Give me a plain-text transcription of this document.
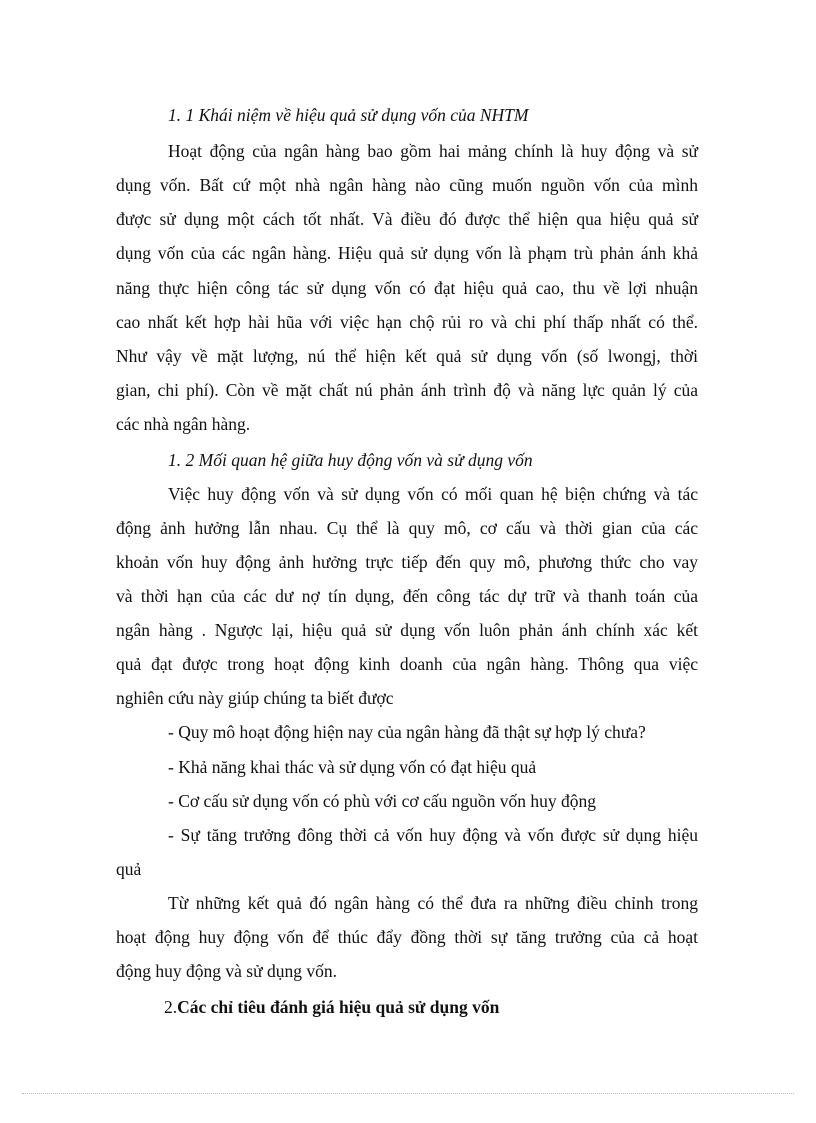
1. 1 Khái niệm về hiệu quả sử dụng vốn của NHTM
Hoạt động của ngân hàng bao gồm hai mảng chính là huy động và sử
dụng vốn. Bất cứ một nhà ngân hàng nào cũng muốn nguồn vốn của mình
được sử dụng một cách tốt nhất. Và điều đó được thể hiện qua hiệu quả sử
dụng vốn của các ngân hàng. Hiệu quả sử dụng vốn là phạm trù phản ánh khả
năng thực hiện công tác sử dụng vốn có đạt hiệu quả cao, thu về lợi nhuận
cao nhất kết hợp hài hũa với việc hạn chộ rủi ro và chi phí thấp nhất có thể.
Như vậy về mặt lượng, nú thể hiện kết quả sử dụng vốn (số lwongj, thời
gian, chi phí). Còn về mặt chất nú phản ánh trình độ và năng lực quản lý của
các nhà ngân hàng.
1. 2 Mối quan hệ giữa huy động vốn và sử dụng vốn
Việc huy động vốn và sử dụng vốn có mối quan hệ biện chứng và tác
động ảnh hưởng lẫn nhau. Cụ thể là quy mô, cơ cấu và thời gian của các
khoản vốn huy động ảnh hưởng trực tiếp đến quy mô, phương thức cho vay
và thời hạn của các dư nợ tín dụng, đến công tác dự trữ và thanh toán của
ngân hàng . Ngược lại, hiệu quả sử dụng vốn luôn phản ánh chính xác kết
quả đạt được trong hoạt động kinh doanh của ngân hàng. Thông qua việc
nghiên cứu này giúp chúng ta biết được
- Quy mô hoạt động hiện nay của ngân hàng đã thật sự hợp lý chưa?
- Khả năng khai thác và sử dụng vốn có đạt hiệu quả
- Cơ cấu sử dụng vốn có phù với cơ cấu nguồn vốn huy động
- Sự tăng trưởng đông thời cả vốn huy động và vốn được sử dụng hiệu
quả
Từ những kết quả đó ngân hàng có thể đưa ra những điều chỉnh trong
hoạt động huy động vốn để thúc đẩy đồng thời sự tăng trưởng của cả hoạt
động huy động và sử dụng vốn.
2.Các chỉ tiêu đánh giá hiệu quả sử dụng vốn
